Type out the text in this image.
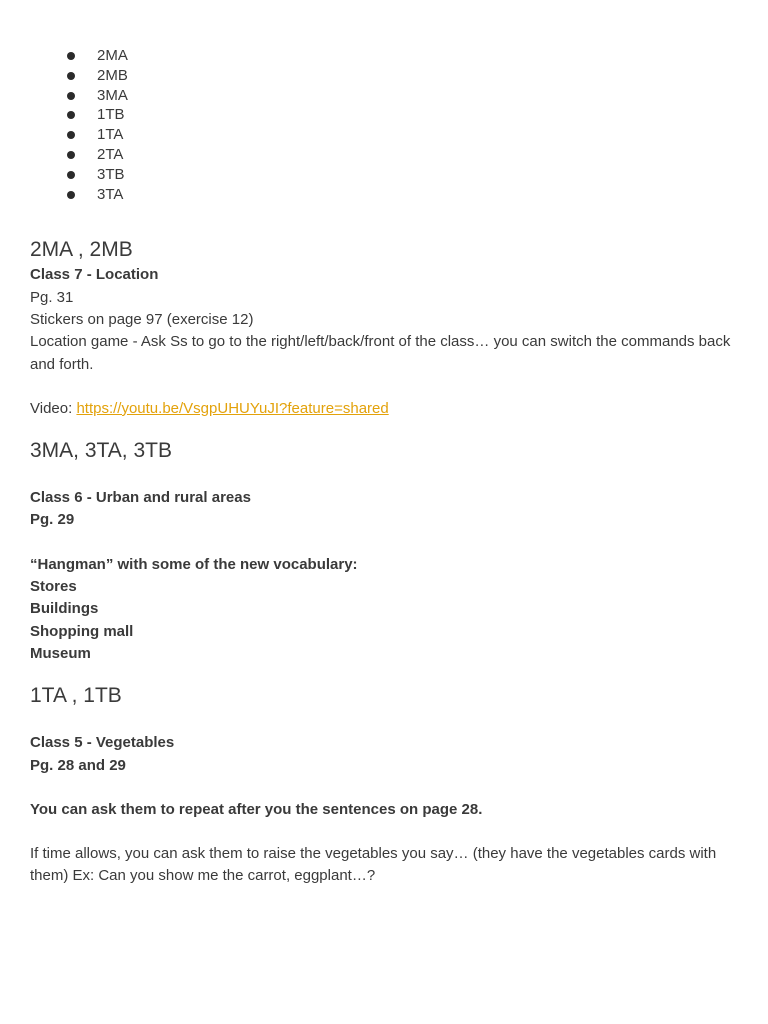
2MA
2MB
3MA
1TB
1TA
2TA
3TB
3TA
2MA , 2MB

Class 7 - Location

Pg. 31

Stickers on page 97 (exercise 12)

Location game - Ask Ss to go to the right/left/back/front of the class… you can switch the commands back and forth.

Video: https://youtu.be/VsgpUHUYuJI?feature=shared

3MA, 3TA, 3TB

Class 6 - Urban and rural areas

Pg. 29

“Hangman” with some of the new vocabulary:

Stores

Buildings

Shopping mall

Museum

1TA , 1TB

Class 5 - Vegetables

Pg. 28 and 29

You can ask them to repeat after you the sentences on page 28.

If time allows, you can ask them to raise the vegetables you say… (they have the vegetables cards with them) Ex: Can you show me the carrot, eggplant…?
